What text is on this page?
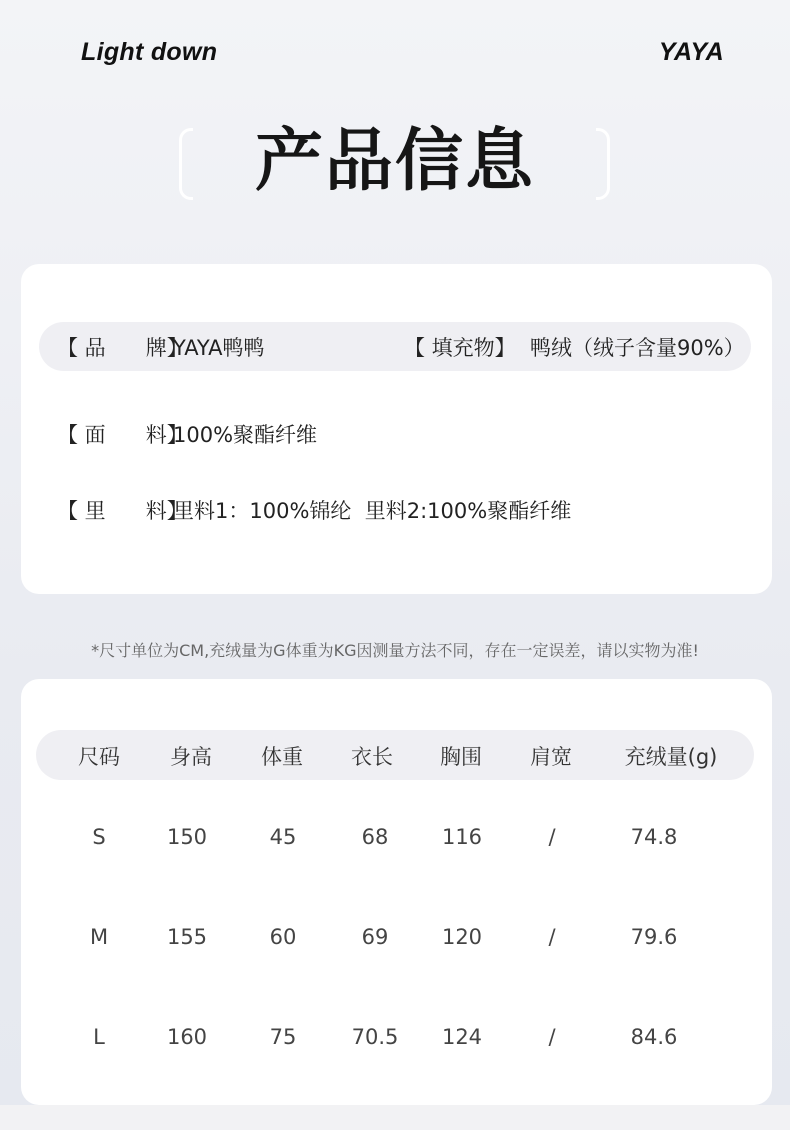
Light down	YAYA
产品信息
【 品      牌】
YAYA鸭鸭	【 填充物】 鸭绒（绒子含量90%）
【 面      料】
100%聚酯纤维
【 里      料】
里料1：100%锦纶  里料2:100%聚酯纤维
*尺寸单位为CM,充绒量为G体重为KG因测量方法不同，存在一定误差，请以实物为准!
尺码	身高	体重	衣长	胸围	肩宽	充绒量(g)
S	150	45	68	116	/	74.8
M	155	60	69	120	/	79.6
L	160	75	70.5	124	/	84.6
